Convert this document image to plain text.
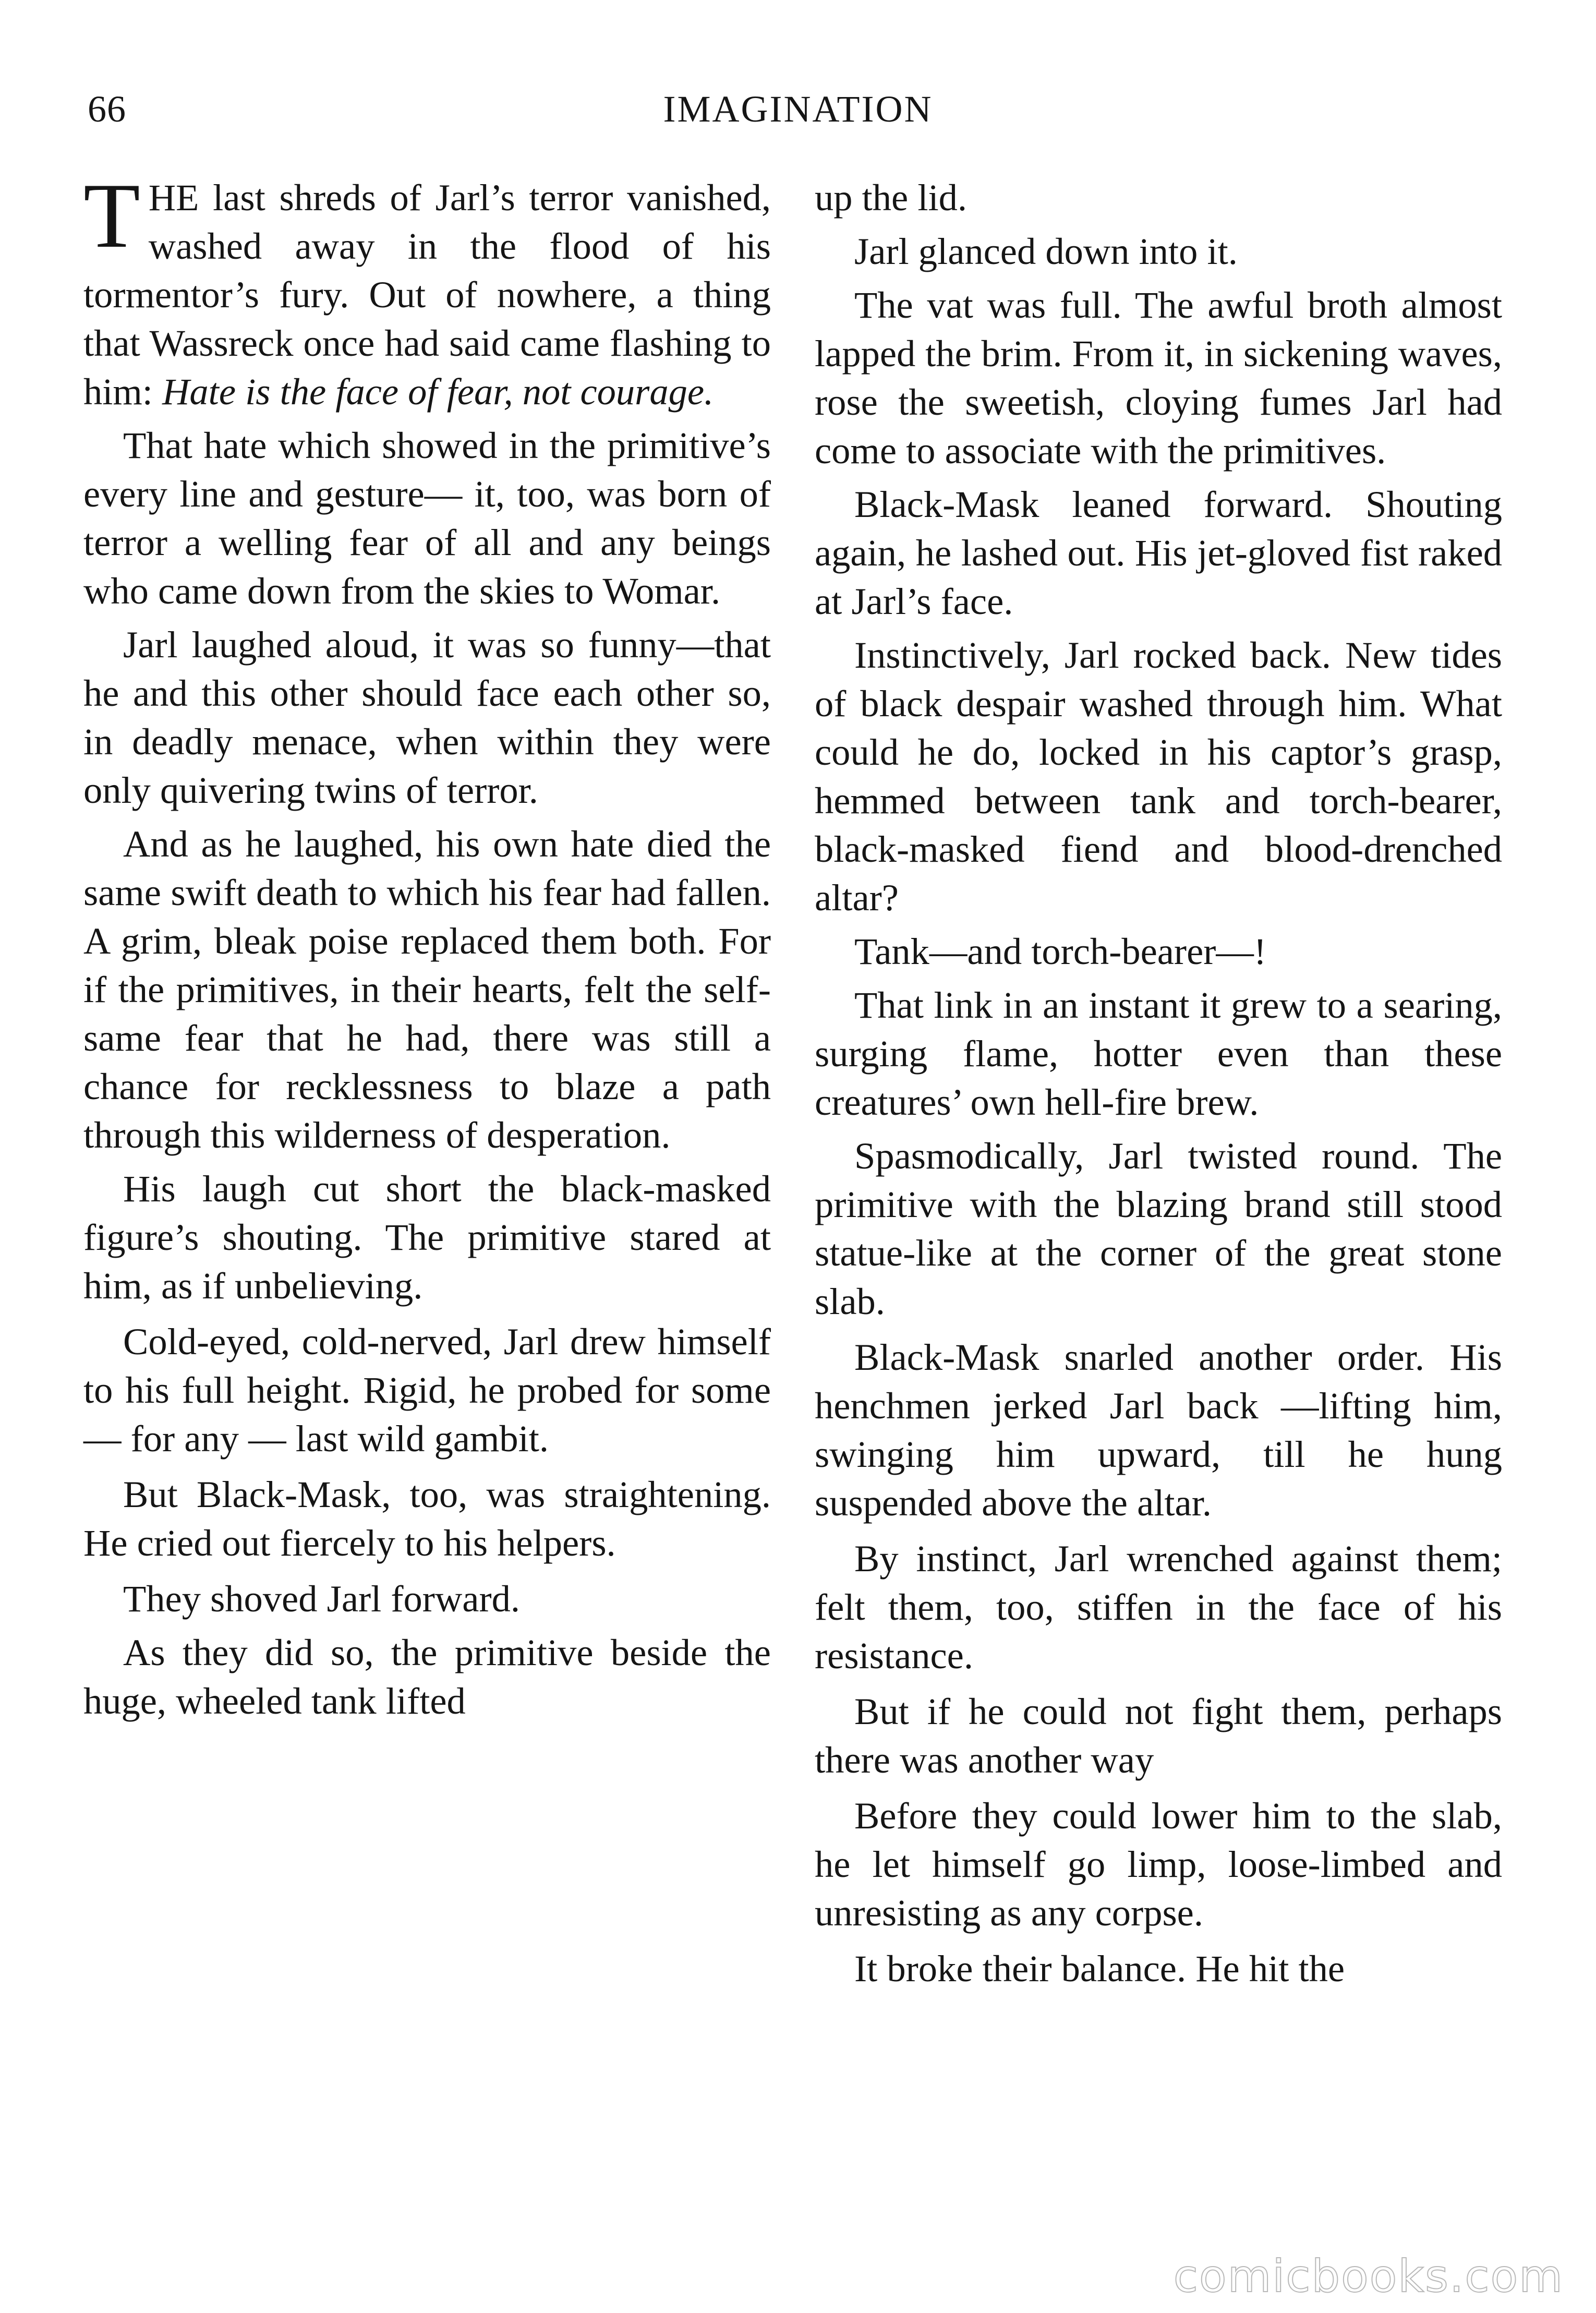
66	IMAGINATION

THE last shreds of Jarl’s terror vanished, washed away in the flood of his tormentor’s fury. Out of nowhere, a thing that Wassreck once had said came flashing to him: Hate is the face of fear, not courage.

That hate which showed in the primitive’s every line and gesture— it, too, was born of terror a welling fear of all and any beings who came down from the skies to Womar.

Jarl laughed aloud, it was so funny—that he and this other should face each other so, in deadly menace, when within they were only quivering twins of terror.

And as he laughed, his own hate died the same swift death to which his fear had fallen. A grim, bleak poise replaced them both. For if the primitives, in their hearts, felt the self-same fear that he had, there was still a chance for recklessness to blaze a path through this wilderness of desperation.

His laugh cut short the black-masked figure’s shouting. The primitive stared at him, as if unbelieving.

Cold-eyed, cold-nerved, Jarl drew himself to his full height. Rigid, he probed for some — for any — last wild gambit.

But Black-Mask, too, was straightening. He cried out fiercely to his helpers.

They shoved Jarl forward.

As they did so, the primitive beside the huge, wheeled tank lifted

up the lid.

Jarl glanced down into it.

The vat was full. The awful broth almost lapped the brim. From it, in sickening waves, rose the sweetish, cloying fumes Jarl had come to associate with the primitives.

Black-Mask leaned forward. Shouting again, he lashed out. His jet-gloved fist raked at Jarl’s face.

Instinctively, Jarl rocked back. New tides of black despair washed through him. What could he do, locked in his captor’s grasp, hemmed between tank and torch-bearer, black-masked fiend and blood-drenched altar?

Tank—and torch-bearer—!

That link in an instant it grew to a searing, surging flame, hotter even than these creatures’ own hell-fire brew.

Spasmodically, Jarl twisted round. The primitive with the blazing brand still stood statue-like at the corner of the great stone slab.

Black-Mask snarled another order. His henchmen jerked Jarl back —lifting him, swinging him upward, till he hung suspended above the altar.

By instinct, Jarl wrenched against them; felt them, too, stiffen in the face of his resistance.

But if he could not fight them, perhaps there was another way

Before they could lower him to the slab, he let himself go limp, loose-limbed and unresisting as any corpse.

It broke their balance. He hit the

comicbooks.com
